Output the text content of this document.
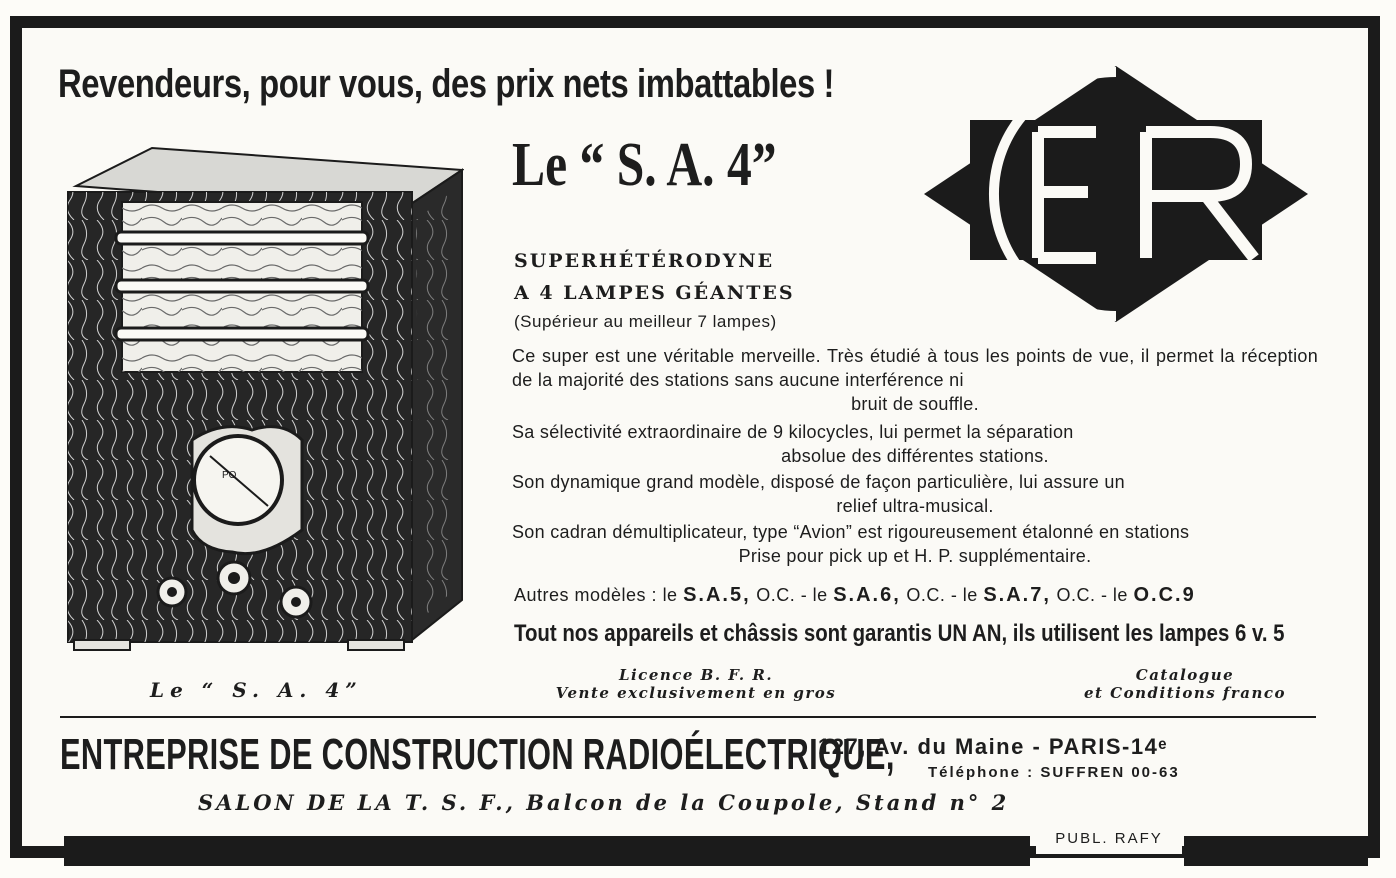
PUBL. RAFY
Revendeurs, pour vous, des prix nets imbattables !
PO
Le “ S. A. 4”
Le “ S. A. 4”
SUPERHÉTÉRODYNE
A 4 LAMPES GÉANTES
(Supérieur au meilleur 7 lampes)
Ce super est une véritable merveille. Très étudié à tous les points de vue, il permet la réception de la majorité des stations sans aucune interférence ni
bruit de souffle.
Sa sélectivité extraordinaire de 9 kilocycles, lui permet la séparation
absolue des différentes stations.
Son dynamique grand modèle, disposé de façon particulière, lui assure un
relief ultra-musical.
Son cadran démultiplicateur, type “Avion” est rigoureusement étalonné en stations
Prise pour pick up et H. P. supplémentaire.
Autres modèles : le S.A.5, O.C. - le S.A.6, O.C. - le S.A.7, O.C. - le O.C.9
Tout nos appareils et châssis sont garantis UN AN, ils utilisent les lampes 6 v. 5
Licence B. F. R.
Vente exclusivement en gros
Catalogue
et Conditions franco
ENTREPRISE DE CONSTRUCTION RADIOÉLECTRIQUE,
127, Av. du Maine - PARIS-14ᵉ
Téléphone : SUFFREN 00-63
SALON DE LA T. S. F., Balcon de la Coupole, Stand n° 2
